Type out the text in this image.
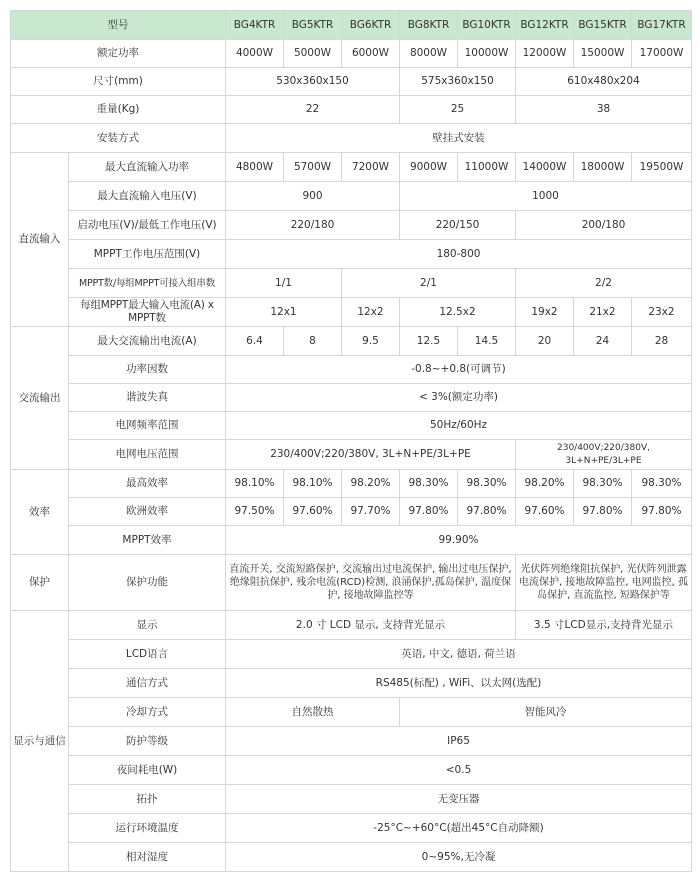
型号		BG4KTR	BG5KTR	BG6KTR	BG8KTR	BG10KTR	BG12KTR	BG15KTR	BG17KTR
额定功率		4000W	5000W	6000W	8000W	10000W	12000W	15000W	17000W
尺寸(mm)		530x360x150			575x360x150		610x480x204		
重量(Kg)		22			25		38		
安装方式		壁挂式安装							
直流输入	最大直流输入功率	4800W	5700W	7200W	9000W	11000W	14000W	18000W	19500W
	最大直流输入电压(V)	900			1000				
	启动电压(V)/最低工作电压(V)	220/180			220/150		200/180		
	MPPT工作电压范围(V)	180-800							
	MPPT数/每组MPPT可接入组串数	1/1		2/1			2/2		
	每组MPPT最大输入电流(A) x MPPT数	12x1		12x2	12.5x2		19x2	21x2	23x2
交流输出	最大交流输出电流(A)	6.4	8	9.5	12.5	14.5	20	24	28
	功率因数	-0.8~+0.8(可调节)							
	谐波失真	< 3%(额定功率)							
	电网频率范围	50Hz/60Hz							
	电网电压范围	230/400V;220/380V, 3L+N+PE/3L+PE					230/400V;220/380V, 3L+N+PE/3L+PE		
效率	最高效率	98.10%	98.10%	98.20%	98.30%	98.30%	98.20%	98.30%	98.30%
	欧洲效率	97.50%	97.60%	97.70%	97.80%	97.80%	97.60%	97.80%	97.80%
	MPPT效率	99.90%							
保护	保护功能	直流开关, 交流短路保护, 交流输出过电流保护, 输出过电压保护, 绝缘阻抗保护, 残余电流(RCD)检测, 浪涌保护,孤岛保护, 温度保护, 接地故障监控等					光伏阵列绝缘阻抗保护, 光伏阵列泄露电流保护, 接地故障监控, 电网监控, 孤岛保护, 直流监控, 短路保护等		
显示与通信	显示	2.0 寸 LCD 显示, 支持背光显示					3.5 寸LCD显示,支持背光显示		
	LCD语言	英语, 中文, 德语, 荷兰语							
	通信方式	RS485(标配) , WiFi、以太网(选配)							
	冷却方式	自然散热			智能风冷				
	防护等级	IP65							
	夜间耗电(W)	<0.5							
	拓扑	无变压器							
	运行环境温度	-25°C~+60°C(超出45°C自动降额)							
	相对湿度	0~95%,无冷凝							
